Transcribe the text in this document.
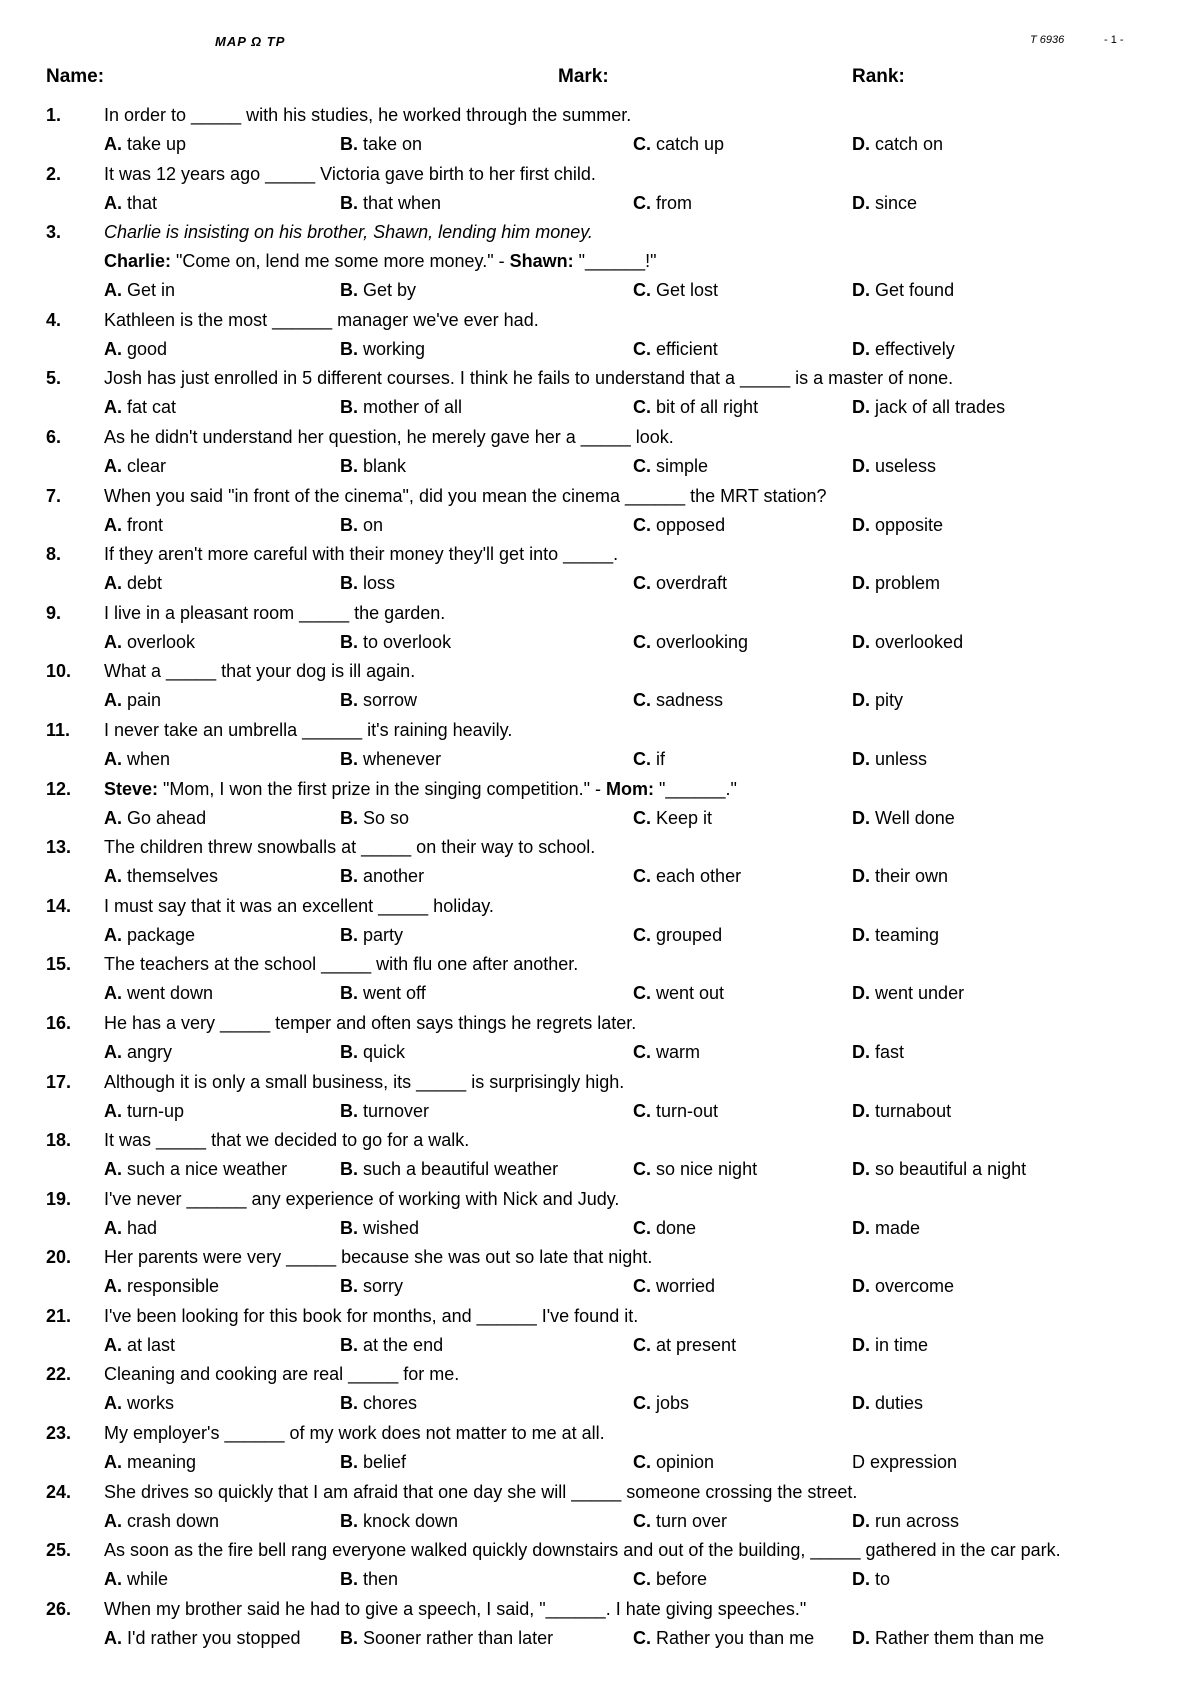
MAP Ω TP	T 6936	- 1 -
Name:	Mark:	Rank:
1. In order to _____ with his studies, he worked through the summer.
A. take up	B. take on	C. catch up	D. catch on
2. It was 12 years ago _____ Victoria gave birth to her first child.
A. that	B. that when	C. from	D. since
3. Charlie is insisting on his brother, Shawn, lending him money.
Charlie: "Come on, lend me some more money." - Shawn: "______!"
A. Get in	B. Get by	C. Get lost	D. Get found
4. Kathleen is the most ______ manager we've ever had.
A. good	B. working	C. efficient	D. effectively
5. Josh has just enrolled in 5 different courses. I think he fails to understand that a _____ is a master of none.
A. fat cat	B. mother of all	C. bit of all right	D. jack of all trades
6. As he didn't understand her question, he merely gave her a _____ look.
A. clear	B. blank	C. simple	D. useless
7. When you said "in front of the cinema", did you mean the cinema ______ the MRT station?
A. front	B. on	C. opposed	D. opposite
8. If they aren't more careful with their money they'll get into _____.
A. debt	B. loss	C. overdraft	D. problem
9. I live in a pleasant room _____ the garden.
A. overlook	B. to overlook	C. overlooking	D. overlooked
10. What a _____ that your dog is ill again.
A. pain	B. sorrow	C. sadness	D. pity
11. I never take an umbrella ______ it's raining heavily.
A. when	B. whenever	C. if	D. unless
12. Steve: "Mom, I won the first prize in the singing competition." - Mom: "______."
A. Go ahead	B. So so	C. Keep it	D. Well done
13. The children threw snowballs at _____ on their way to school.
A. themselves	B. another	C. each other	D. their own
14. I must say that it was an excellent _____ holiday.
A. package	B. party	C. grouped	D. teaming
15. The teachers at the school _____ with flu one after another.
A. went down	B. went off	C. went out	D. went under
16. He has a very _____ temper and often says things he regrets later.
A. angry	B. quick	C. warm	D. fast
17. Although it is only a small business, its _____ is surprisingly high.
A. turn-up	B. turnover	C. turn-out	D. turnabout
18. It was _____ that we decided to go for a walk.
A. such a nice weather	B. such a beautiful weather	C. so nice night	D. so beautiful a night
19. I've never ______ any experience of working with Nick and Judy.
A. had	B. wished	C. done	D. made
20. Her parents were very _____ because she was out so late that night.
A. responsible	B. sorry	C. worried	D. overcome
21. I've been looking for this book for months, and ______ I've found it.
A. at last	B. at the end	C. at present	D. in time
22. Cleaning and cooking are real _____ for me.
A. works	B. chores	C. jobs	D. duties
23. My employer's ______ of my work does not matter to me at all.
A. meaning	B. belief	C. opinion	D expression
24. She drives so quickly that I am afraid that one day she will _____ someone crossing the street.
A. crash down	B. knock down	C. turn over	D. run across
25. As soon as the fire bell rang everyone walked quickly downstairs and out of the building, _____ gathered in the car park.
A. while	B. then	C. before	D. to
26. When my brother said he had to give a speech, I said, "______. I hate giving speeches."
A. I'd rather you stopped B. Sooner rather than later	C. Rather you than me D. Rather them than me
